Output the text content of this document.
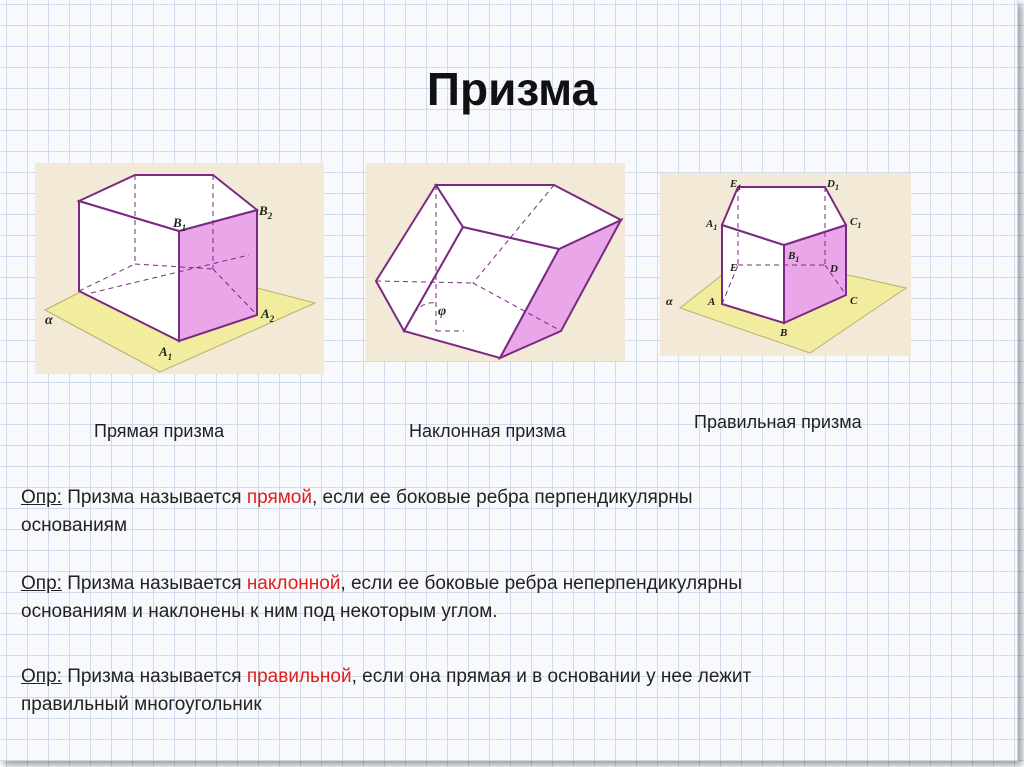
Призма
α
$B_1$
$B_2$
$A_2$
$A_1$
φ
$E_1$	$D_1$
$A_1$	$C_1$
$B_1$
E	D
A	C
B
α
Прямая призма	Наклонная призма	Правильная призма
Опр: Призма называется прямой, если ее боковые ребра перпендикулярны
основаниям
Опр: Призма называется наклонной, если ее боковые ребра неперпендикулярны
основаниям и наклонены к ним под некоторым углом.
Опр: Призма называется правильной, если она прямая и в основании у нее лежит
правильный многоугольник
